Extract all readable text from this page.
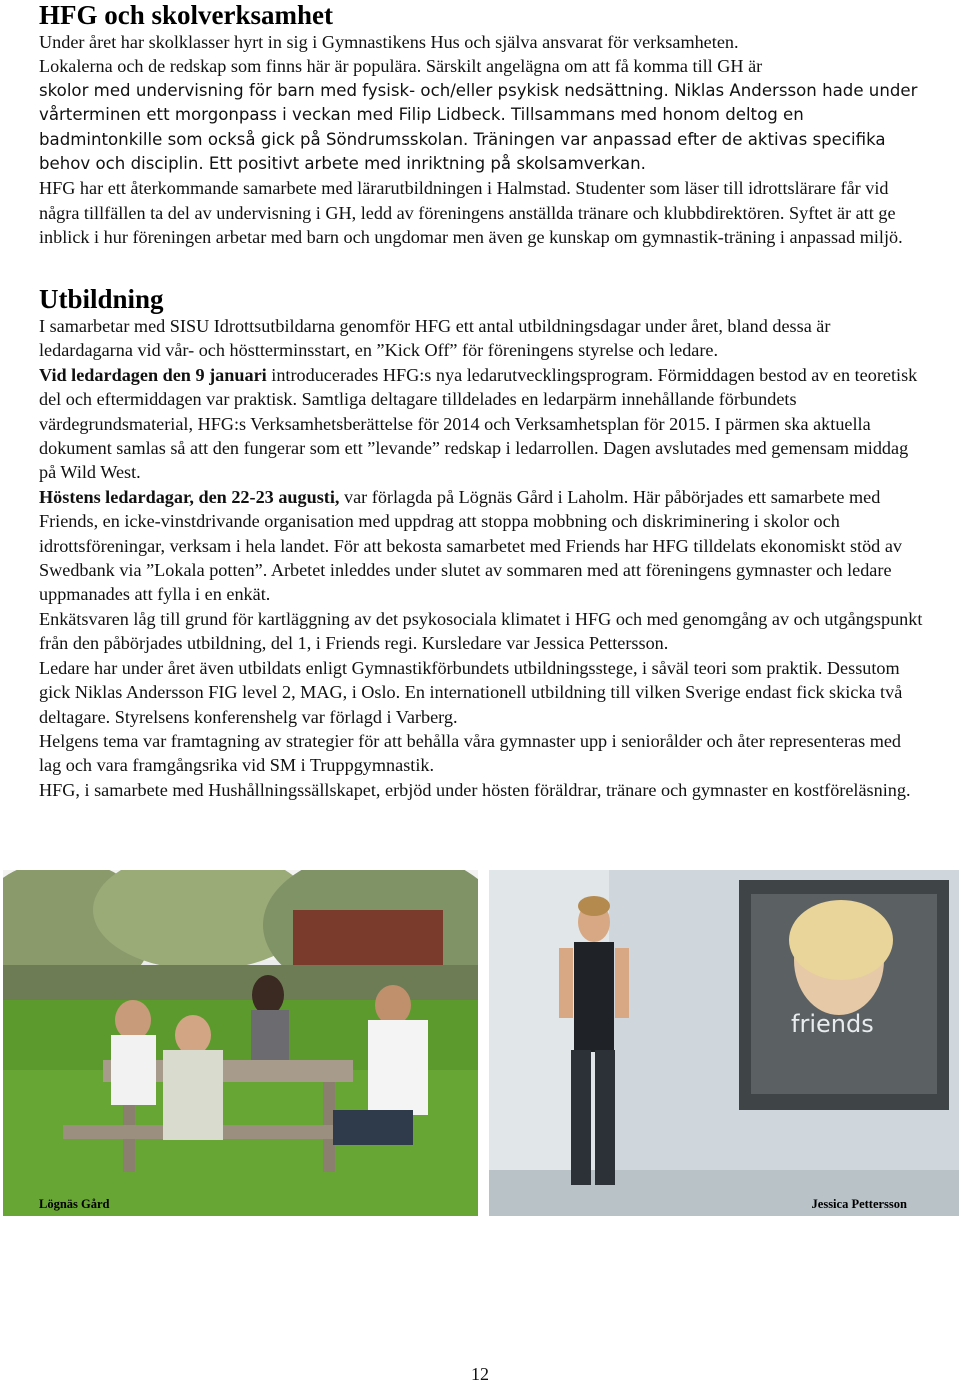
HFG och skolverksamhet

Under året har skolklasser hyrt in sig i Gymnastikens Hus och själva ansvarat för verksamheten.

Lokalerna och de redskap som finns här är populära. Särskilt angelägna om att få komma till GH är

skolor med undervisning för barn med fysisk- och/eller psykisk nedsättning. Niklas Andersson hade under vårterminen ett morgonpass i veckan med Filip Lidbeck. Tillsammans med honom deltog en badmintonkille som också gick på Söndrumsskolan. Träningen var anpassad efter de aktivas specifika behov och disciplin. Ett positivt arbete med inriktning på skolsamverkan.

HFG har ett återkommande samarbete med lärarutbildningen i Halmstad. Studenter som läser till idrottslärare får vid några tillfällen ta del av undervisning i GH, ledd av föreningens anställda tränare och klubbdirektören. Syftet är att ge inblick i hur föreningen arbetar med barn och ungdomar men även ge kunskap om gymnastik-träning i anpassad miljö.

Utbildning

I samarbetar med SISU Idrottsutbildarna genomför HFG ett antal utbildningsdagar under året, bland dessa är ledardagarna vid vår- och höstterminsstart, en ”Kick Off” för föreningens styrelse och ledare.

Vid ledardagen den 9 januari introducerades HFG:s nya ledarutvecklingsprogram. Förmiddagen bestod av en teoretisk del och eftermiddagen var praktisk. Samtliga deltagare tilldelades en ledarpärm innehållande förbundets värdegrundsmaterial, HFG:s Verksamhetsberättelse för 2014 och Verksamhetsplan för 2015. I pärmen ska aktuella dokument samlas så att den fungerar som ett ”levande” redskap i ledarrollen. Dagen avslutades med gemensam middag på Wild West.

Höstens ledardagar, den 22-23 augusti, var förlagda på Lögnäs Gård i Laholm. Här påbörjades ett samarbete med Friends, en icke-vinstdrivande organisation med uppdrag att stoppa mobbning och diskriminering i skolor och idrottsföreningar, verksam i hela landet. För att bekosta samarbetet med Friends har HFG tilldelats ekonomiskt stöd av Swedbank via ”Lokala potten”. Arbetet inleddes under slutet av sommaren med att föreningens gymnaster och ledare uppmanades att fylla i en enkät.

Enkätsvaren låg till grund för kartläggning av det psykosociala klimatet i HFG och med genomgång av och utgångspunkt från den påbörjades utbildning, del 1, i Friends regi. Kursledare var Jessica Pettersson.

Ledare har under året även utbildats enligt Gymnastikförbundets utbildningsstege, i såväl teori som praktik. Dessutom gick Niklas Andersson FIG level 2, MAG, i Oslo. En internationell utbildning till vilken Sverige endast fick skicka två deltagare. Styrelsens konferenshelg var förlagd i Varberg.

Helgens tema var framtagning av strategier för att behålla våra gymnaster upp i seniorålder och åter representeras med lag och vara framgångsrika vid SM i Truppgymnastik.

HFG, i samarbete med Hushållningssällskapet, erbjöd under hösten föräldrar, tränare och gymnaster en kostföreläsning.

Lögnäs Gård
friends
Jessica Pettersson
12
